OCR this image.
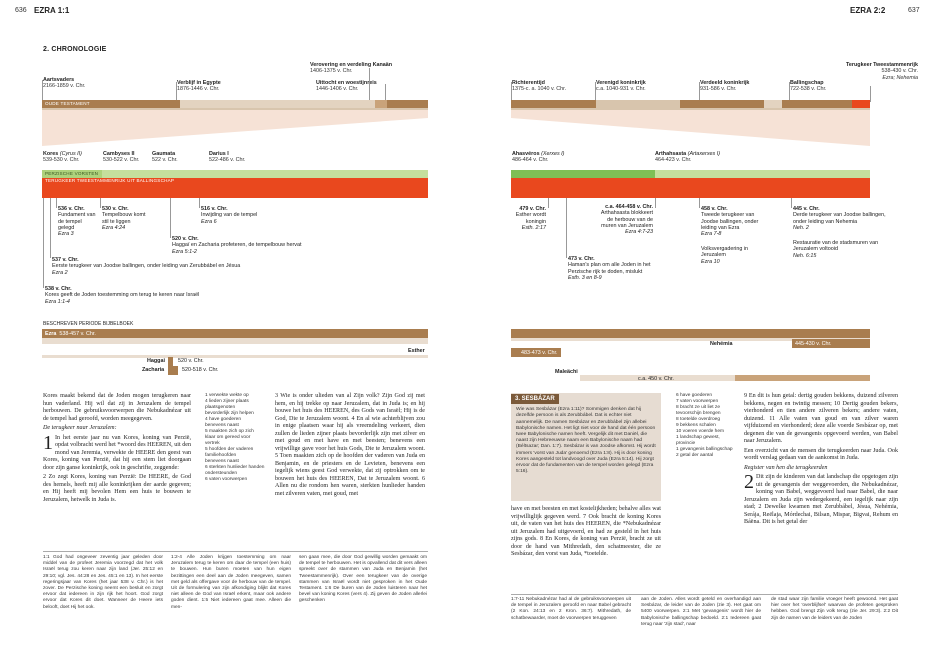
636 EZRA 1:1	EZRA 2:2	637
2. CHRONOLOGIE
Aartsvaders
2166-1859 v. Chr.
Verblijf in Egypte
1876-1446 v. Chr.
Verovering en verdeling Kanaän
1406-1375 v. Chr.
Uittocht en woestijnreis
1446-1406 v. Chr.
OUDE TESTAMENT
Richterentijd
1375-c. a. 1040 v. Chr.
Verenigd koninkrijk
c.a. 1040-931 v. Chr.
Verdeeld koninkrijk
931-586 v. Chr.
Ballingschap
722-538 v. Chr.
Terugkeer Tweestammenrijk
538-430 v. Chr.
Ezra; Nehemia
Kores (Cyrus II)
539-530 v. Chr.
Cambyses II
530-522 v. Chr.
Gaumata
522 v. Chr.
Darius I
522-486 v. Chr.
PERZISCHE VORSTEN
TERUGKEER TWEESTAMMENRIJK UIT BALLINGSCHAP
Ahasvéros (Xerxes I)
486-464 v. Chr.
Arthahsasta (Artaxerxes I)
464-423 v. Chr.
536 v. Chr.
Fundament van de tempel gelegd
Ezra 3
530 v. Chr.
Tempelbouw komt stil te liggen
Ezra 4:24
516 v. Chr.
Inwijding van de tempel
Ezra 6
520 v. Chr.
Haggaï en Zacharia profeteren, de tempelbouw hervat
Ezra 5:1-2
537 v. Chr.
Eerste terugkeer van Joodse ballingen, onder leiding van Zerubbábel en Jésua
Ezra 2
538 v. Chr.
Kores geeft de Joden toestemming om terug te keren naar Israël
Ezra 1:1-4
479 v. Chr.
Esther wordt koningin
Esth. 2:17
c.a. 464-458 v. Chr.
Arthahsasta blokkeert de herbouw van de muren van Jeruzalem
Ezra 4:7-23
458 v. Chr.
Tweede terugkeer van Joodse ballingen, onder leiding van Ezra
Ezra 7-8
445 v. Chr.
Derde terugkeer van Joodse ballingen, onder leiding van Nehemia
Neh. 2
473 v. Chr.
Haman's plan om alle Joden in het Perzische rijk te doden, mislukt
Esth. 3 en 8-9
Volksvergadering in Jeruzalem
Ezra 10
Restauratie van de stadsmuren van Jeruzalem voltooid
Neh. 6:15
BESCHREVEN PERIODE BIJBELBOEK
Ezra 538-457 v. Chr.
Esther
Nehémia	445-430 v. Chr.
483-473 v. Chr.
Haggai 520 v. Chr.
Zacharia	520-518 v. Chr.	Maleächi
c.a. 450 v. Chr.

Kores maakt bekend dat de Joden mogen terugkeren naar hun vaderland. Hij wil dat zij in Jeruzalem de tempel herbouwen. De gebruiksvoorwerpen die Nebukadnézar uit de tempel had geroofd, worden meegegeven.

De terugkeer naar Jeruzalem:

1 In het eerste jaar nu van Kores, koning van Perzië, opdat volbracht werd het *woord des HEEREN, uit den mond van Jeremia, verwekte de HEERE den geest van Kores, koning van Perzië, dat hij een stem liet doorgaan door zijn ganse koninkrijk, ook in geschrifte, zeggende:

2 Zo zegt Kores, koning van Perzië: De HEERE, de God des hemels, heeft mij alle koninkrijken der aarde gegeven; en Hij heeft mij bevolen Hem een huis te bouwen te Jeruzalem, hetwelk in Juda is.

1 verwekte wekte op
4 lieden zijner plaats plaatsgenoten
bevorderlijk zijn helpen
4 have goederen
benevens naast
5 maakten zich op zich klaar om gereed voor vertrek
5 hoofden der vaderen familiehoofden
benevens naast
6 sterkten hunlieder handen ondersteunden
6 vaten voorwerpen

3 Wie is onder ulieden van al Zijn volk? Zijn God zij met hem, en hij trekke op naar Jeruzalem, dat in Juda is; en hij bouwe het huis des HEEREN, des Gods van Israël; Hij is de God, Die te Jeruzalem woont. 4 En al wie achterblijven zou in enige plaatsen waar hij als vreemdeling verkeert, dien zullen de lieden zijner plaats bevorderlijk zijn met zilver en met goud en met have en met beesten; benevens een vrijwillige gave voor het huis Gods, Die te Jeruzalem woont. 5 Toen maakten zich op de hoofden der vaderen van Juda en Benjamin, en de priesters en de Levieten, benevens een iegelijk wiens geest God verwekte, dat zij optrokken om te bouwen het huis des HEEREN, Dat te Jeruzalem woont. 6 Allen nu die rondom hen waren, sterkten hunlieder handen met zilveren vaten, met goud, met

1:1 God had ongeveer zeventig jaar geleden door middel van de profeet Jeremia voorzegd dat het volk Israël terug zou keren naar zijn land (Jer. 25:12 en 29:10; vgl. Jes. 44:28 en Jes. 45:1 en 13). In het eerste regeringsjaar van Kores (het jaar 538 v. Chr.) is het zover. De Perzische koning neemt een besluit en zorgt ervoor dat iedereen in zijn rijk het hoort. God zorgt ervoor dat Kores dit doet. Wanneer de Heere iets belooft, doet Hij het ook.
1:2-4 Alle Joden krijgen toestemming om naar Jeruzalem terug te keren om daar de tempel (een huis) te bouwen. Hun buren moeten van hun eigen bezittingen een deel aan de Joden meegeven, samen met geld als offergave voor de herbouw van de tempel. Uit de formulering van zijn afkondiging blijkt dat Kores niet alleen de God van Israël erkent, maar ook andere goden dient. 1:5 Niet iedereen gaat mee. Alleen die men-
sen gaan mee, die door God gewillig worden gemaakt om de tempel te herbouwen. Het is opvallend dat dit vers alleen spreekt over de stammen van Juda en Benjamin (het Tweestammenrijk). Over een terugkeer van de overige stammen van Israël wordt niet gesproken in het Oude Testament. 1:6 De buren van de Joden luisteren naar het bevel van koning Kores (vers 4). Zij geven de Joden allerlei geschenken
3. SESBÁZAR
Wie was Sesbázar (Ezra 1:11)? Sommigen denken dat hij dezelfde persoon is als Zerubbábel. Dat is echter niet aannemelijk. De namen Sesbázar en Zerubbábel zijn allebei Babylonische namen. Het ligt niet voor de hand dat één persoon twee Babylonische namen heeft. Vergelijk dit met Daniël, die naast zijn Hebreeuwse naam een Babylonische naam had (Béltsazar; Dan. 1:7). Sesbázar is van Joodse afkomst. Hij wordt immers 'vorst van Juda' genoemd (Ezra 1:8). Hij is door koning Kores aangesteld tot landvoogd over Juda (Ezra 5:14). Hij zorgt ervoor dat de fundamenten van de tempel worden gelegd (Ezra 5:16).

have en met beesten en met kostelijkheden; behalve alles wat vrijwilliglijk gegeven werd. 7 Ook bracht de koning Kores uit, de vaten van het huis des HEEREN, die *Nebukadnézar uit Jeruzalem had uitgevoerd, en had ze gesteld in het huis zijns gods. 8 En Kores, de koning van Perzië, bracht ze uit door de hand van Mithredath, den schatmeester, die ze Sesbázar, den vorst van Juda, *toetelde.

6 have goederen
7 vaten voorwerpen
8 bracht ze uit liet ze tevoorschijn brengen
8 toetelde overdroeg
9 bekkens schalen
10 voeren voerde hem
1 landschap gewest, provincie
1 gevangenis ballingschap
2 getal der aantal

9 En dit is hun getal: dertig gouden bekkens, duizend zilveren bekkens, negen en twintig messen; 10 Dertig gouden bekers, vierhonderd en tien andere zilveren bekers; andere vaten, duizend. 11 Alle vaten van goud en van zilver waren vijfduizend en vierhonderd; deze alle voerde Sesbázar op, met degenen die van de gevangenis opgevoerd werden, van Babel naar Jeruzalem.

Een overzicht van de mensen die terugkeerden naar Juda. Ook wordt verslag gedaan van de aankomst in Juda.

Register van hen die terugkeerden

2 Dit zijn de kinderen van dat landschap die opgetogen zijn uit de gevangenis der weggevoerden, die Nebukadnézar, koning van Babel, weggevoerd had naar Babel, die naar Jeruzalem en Juda zijn wedergekeerd, een iegelijk naar zijn stad; 2 Dewelke kwamen met Zerubbábel, Jésua, Nehémia, Serája, Reëlaja, Mórdechai, Bilsan, Mispar, Bigvai, Rehum en Báëna. Dit is het getal der

1:7-11 Nebukadnézar had al de gebruiksvoorwerpen uit de tempel in Jeruzalem geroofd en naar Babel gebracht (2 Kon. 24:13 en 2 Kron. 36:7). Mithredath, de schatbewaarder, moet de voorwerpen teruggeven
aan de Joden. Alles wordt geteld en overhandigd aan Sesbázar, de leider van de Joden (zie 3). Het gaat om 5400 voorwerpen. 2:1 Met 'gevangenis' wordt hier de Babylonische ballingschap bedoeld. 2:1 Iedereen gaat terug naar 'zijn stad', naar
de stad waar zijn familie vroeger heeft gewoond. Het gaat hier over het 'overblijfsel' waarvan de profeten gesproken hebben. God brengt Zijn volk terug (zie Jer. 29:3). 2:2 Dit zijn de namen van de leiders van de Joden
